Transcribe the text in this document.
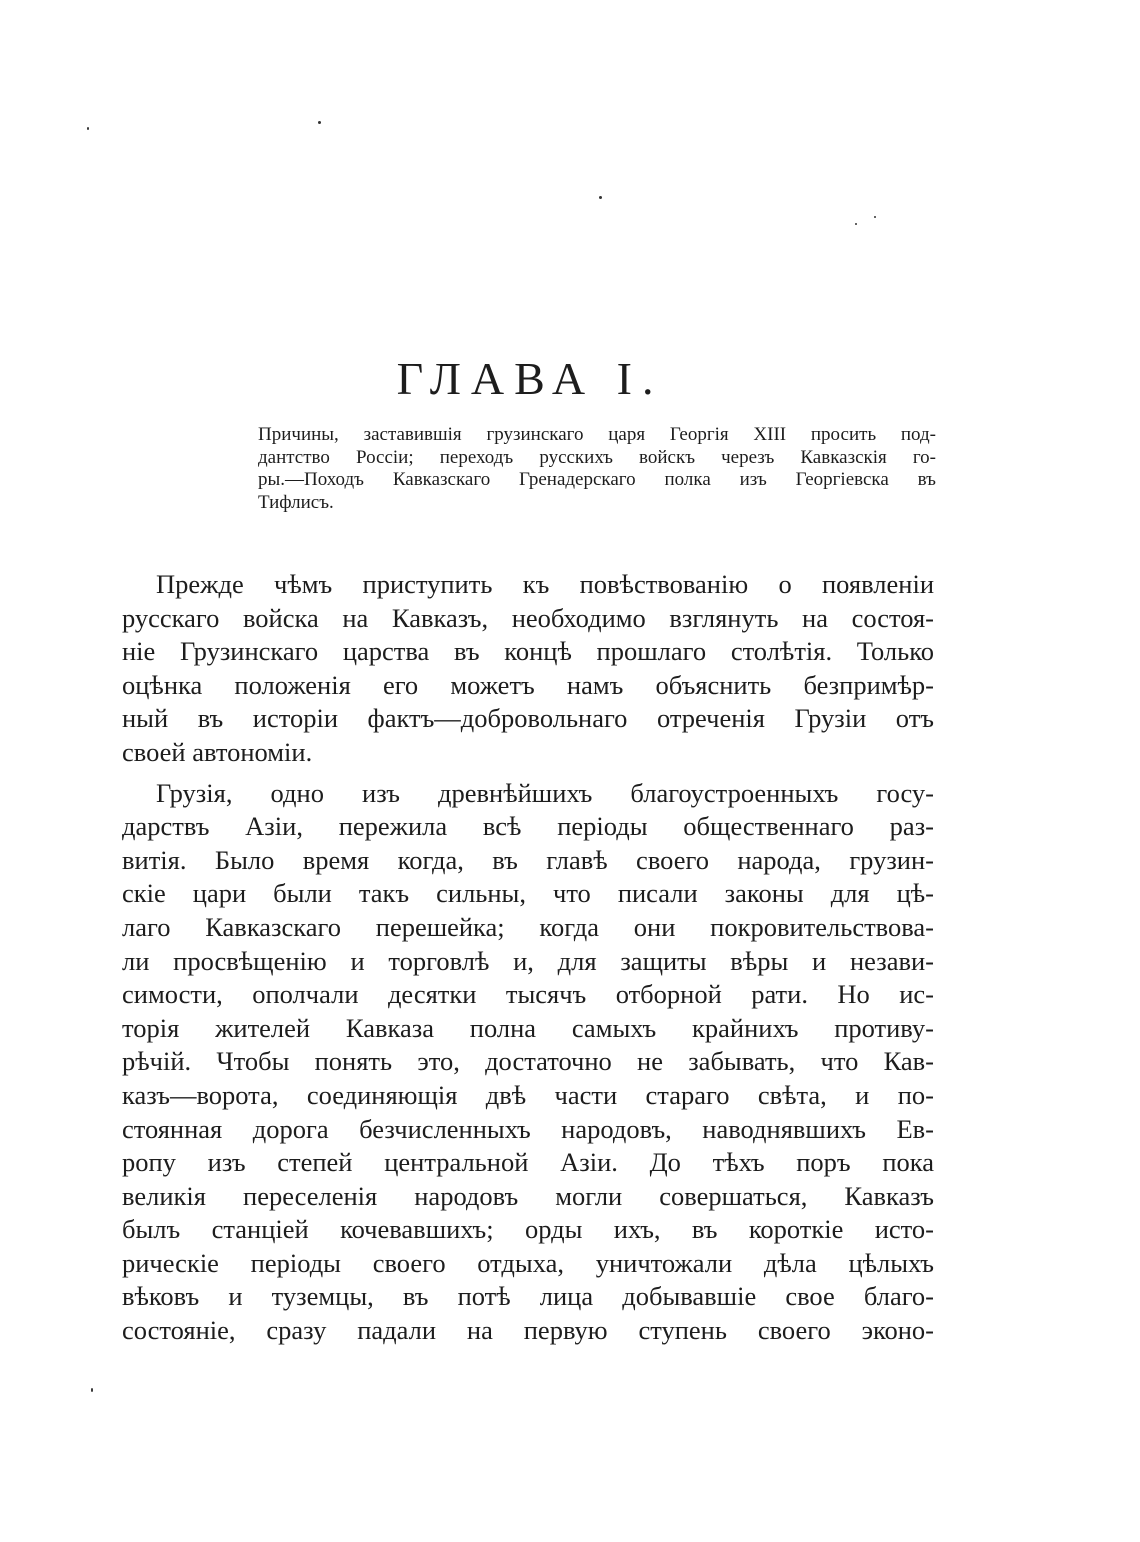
ГЛАВА I.
Причины, заставившія грузинскаго царя Георгія XIII просить под-
дантство Россіи; переходъ русскихъ войскъ черезъ Кавказскія го-
ры.—Походъ Кавказскаго Гренадерскаго полка изъ Георгіевска въ
Тифлисъ.
Прежде чѣмъ приступить къ повѣствованію о появленіи
русскаго войска на Кавказъ, необходимо взглянуть на состоя-
ніе Грузинскаго царства въ концѣ прошлаго столѣтія. Только
оцѣнка положенія его можетъ намъ объяснить безпримѣр-
ный въ исторіи фактъ—добровольнаго отреченія Грузіи отъ
своей автономіи.
Грузія, одно изъ древнѣйшихъ благоустроенныхъ госу-
дарствъ Азіи, пережила всѣ періоды общественнаго раз-
витія. Было время когда, въ главѣ своего народа, грузин-
скіе цари были такъ сильны, что писали законы для цѣ-
лаго Кавказскаго перешейка; когда они покровительствова-
ли просвѣщенію и торговлѣ и, для защиты вѣры и незави-
симости, ополчали десятки тысячъ отборной рати. Но ис-
торія жителей Кавказа полна самыхъ крайнихъ противу-
рѣчій. Чтобы понять это, достаточно не забывать, что Кав-
казъ—ворота, соединяющія двѣ части стараго свѣта, и по-
стоянная дорога безчисленныхъ народовъ, наводнявшихъ Ев-
ропу изъ степей центральной Азіи. До тѣхъ поръ пока
великія переселенія народовъ могли совершаться, Кавказъ
былъ станціей кочевавшихъ; орды ихъ, въ короткіе исто-
рическіе періоды своего отдыха, уничтожали дѣла цѣлыхъ
вѣковъ и туземцы, въ потѣ лица добывавшіе свое благо-
состояніе, сразу падали на первую ступень своего эконо-
